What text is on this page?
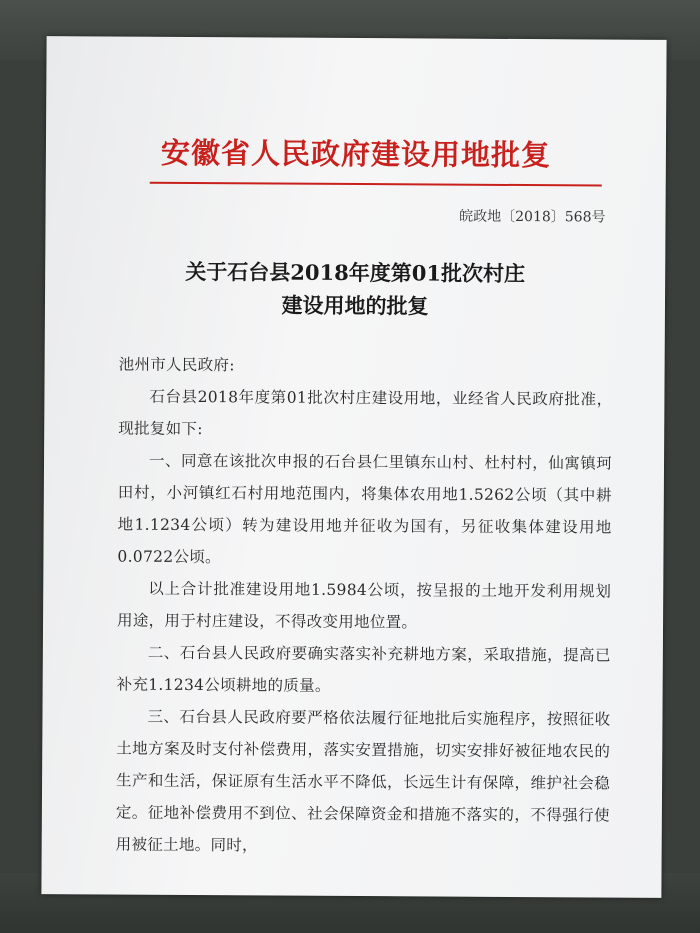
安徽省人民政府建设用地批复
皖政地〔2018〕568号
关于石台县2018年度第01批次村庄
建设用地的批复

池州市人民政府:

石台县2018年度第01批次村庄建设用地，业经省人民政府批准，现批复如下:

一、同意在该批次申报的石台县仁里镇东山村、杜村村，仙寓镇珂田村，小河镇红石村用地范围内，将集体农用地1.5262公顷（其中耕地1.1234公顷）转为建设用地并征收为国有，另征收集体建设用地0.0722公顷。

以上合计批准建设用地1.5984公顷，按呈报的土地开发利用规划用途，用于村庄建设，不得改变用地位置。

二、石台县人民政府要确实落实补充耕地方案，采取措施，提高已补充1.1234公顷耕地的质量。

三、石台县人民政府要严格依法履行征地批后实施程序，按照征收土地方案及时支付补偿费用，落实安置措施，切实安排好被征地农民的生产和生活，保证原有生活水平不降低，长远生计有保障，维护社会稳定。征地补偿费用不到位、社会保障资金和措施不落实的，不得强行使用被征土地。同时，
